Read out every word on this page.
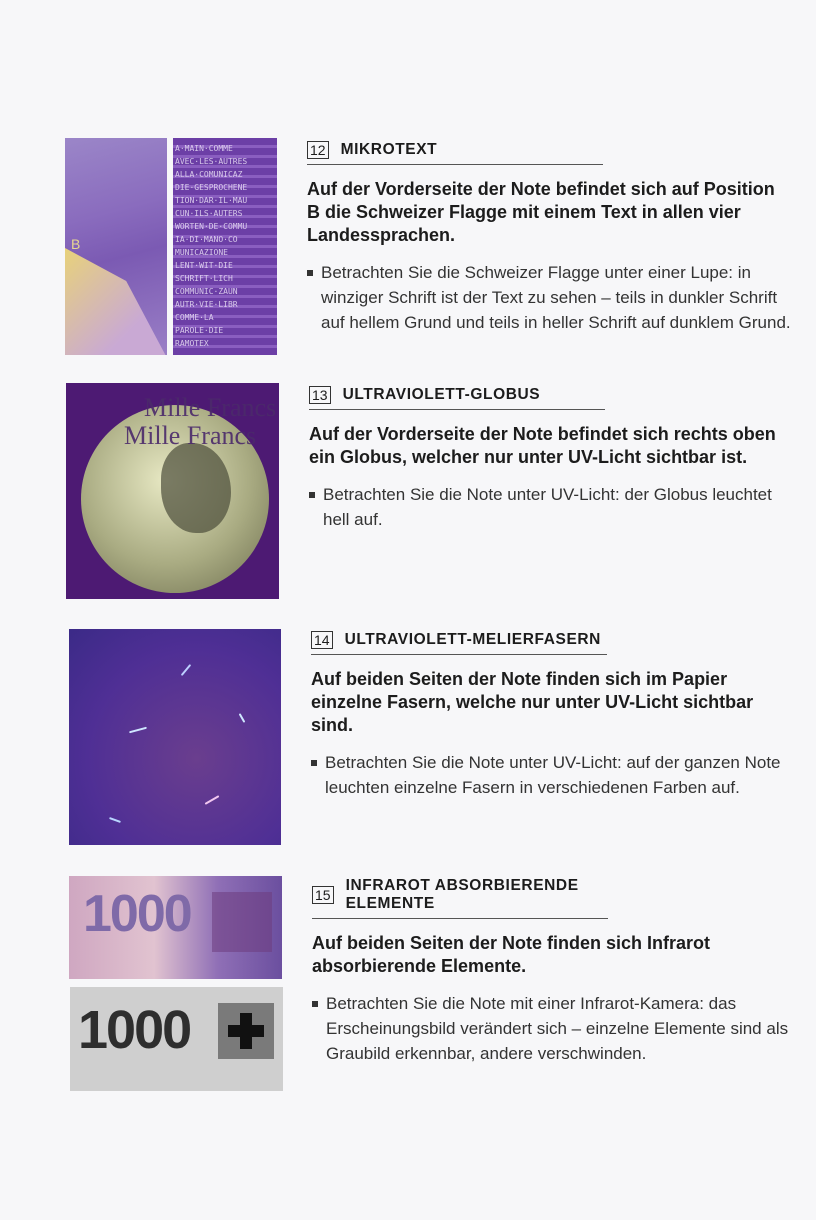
B
A·MAIN·COMME
AVEC·LES·AUTRES
ALLA·COMUNICAZ
DIE·GESPROCHENE
TION·DAR·IL·MAU
CUN·ILS·AUTERS
WORTEN·DE·COMMU
IA·DI·MANO·CO
MUNICAZIONE
LENT·WIT·DIE
SCHRIFT·LICH
COMMUNIC·ZAUN
AUTR·VIE·LIBR
COMME·LA
PAROLE·DIE
RAMOTEX
Mille Francs
Mille Francs
1000
1000
12 MIKROTEXT
Auf der Vorderseite der Note befindet sich auf Position B die Schweizer Flagge mit einem Text in allen vier Landessprachen.
Betrachten Sie die Schweizer Flagge unter einer Lupe: in winziger Schrift ist der Text zu sehen – teils in dunkler Schrift auf hellem Grund und teils in heller Schrift auf dunklem Grund.
13 ULTRAVIOLETT-GLOBUS
Auf der Vorderseite der Note befindet sich rechts oben ein Globus, welcher nur unter UV-Licht sichtbar ist.
Betrachten Sie die Note unter UV-Licht: der Globus leuchtet hell auf.
14 ULTRAVIOLETT-MELIERFASERN
Auf beiden Seiten der Note finden sich im Papier einzelne Fasern, welche nur unter UV-Licht sichtbar sind.
Betrachten Sie die Note unter UV-Licht: auf der ganzen Note leuchten einzelne Fasern in verschiedenen Farben auf.
15
INFRAROT ABSORBIERENDE ELEMENTE
Auf beiden Seiten der Note finden sich Infrarot absorbierende Elemente.
Betrachten Sie die Note mit einer Infrarot-Kamera: das Erscheinungsbild verändert sich – einzelne Elemente sind als Graubild erkennbar, andere verschwinden.
